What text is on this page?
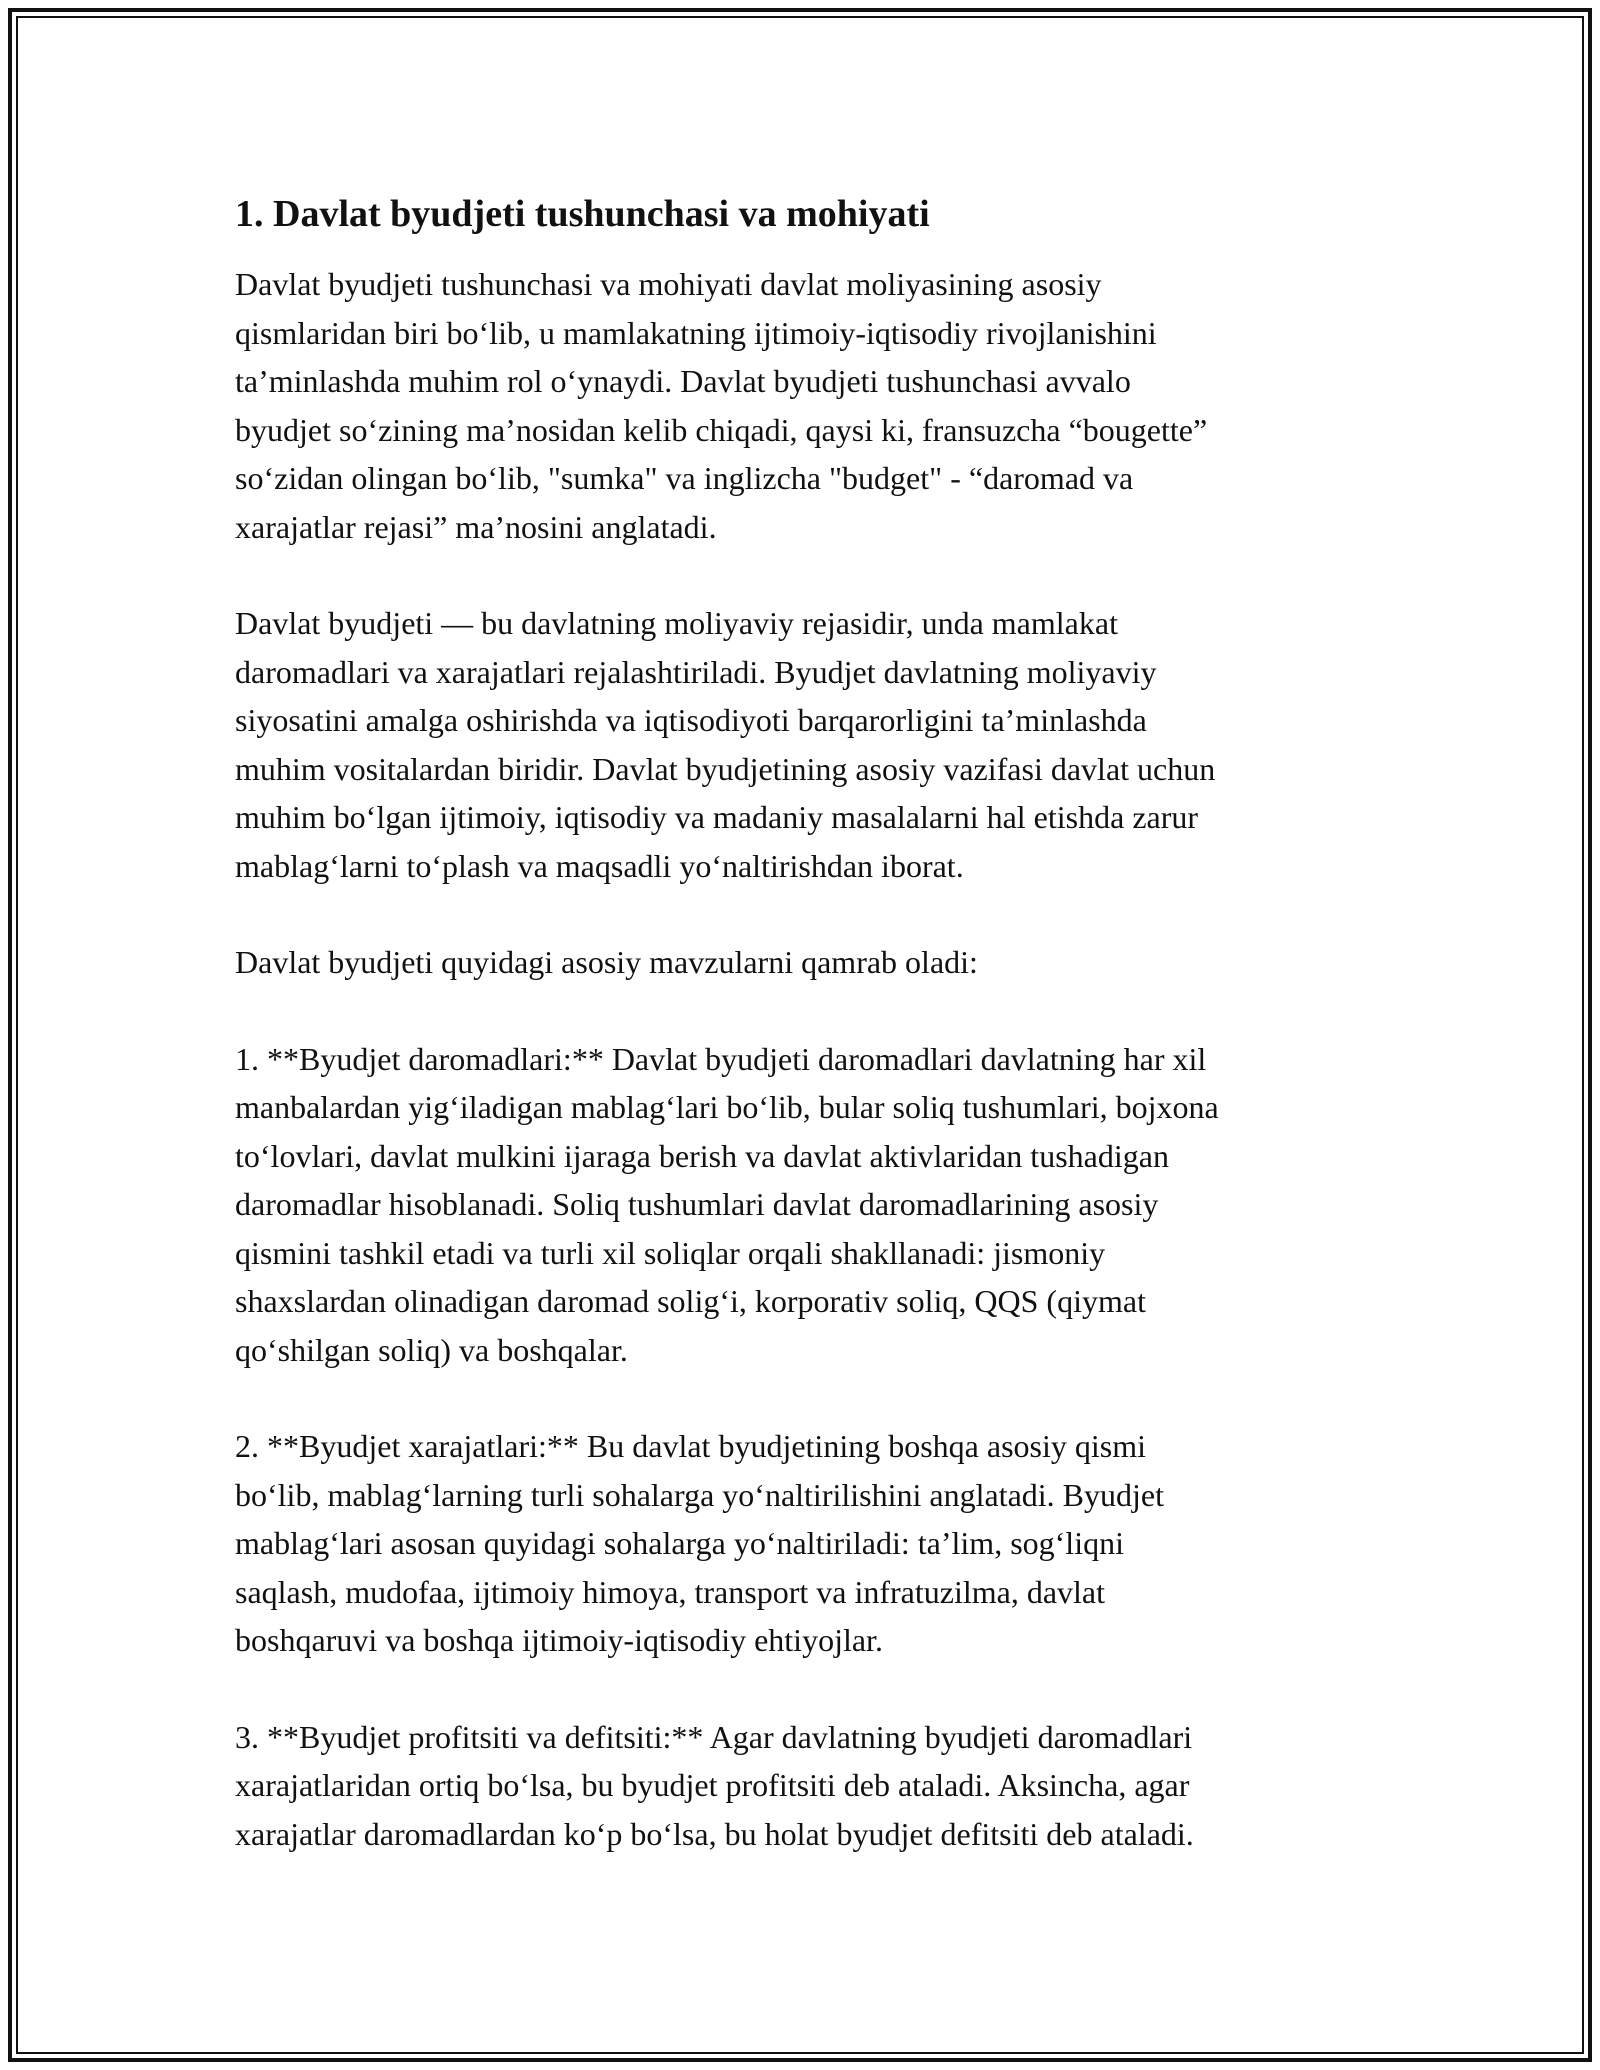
1. Davlat byudjeti tushunchasi va mohiyati

Davlat byudjeti tushunchasi va mohiyati davlat moliyasining asosiy
qismlaridan biri bo‘lib, u mamlakatning ijtimoiy-iqtisodiy rivojlanishini
ta’minlashda muhim rol o‘ynaydi. Davlat byudjeti tushunchasi avvalo
byudjet so‘zining ma’nosidan kelib chiqadi, qaysi ki, fransuzcha “bougette”
so‘zidan olingan bo‘lib, "sumka" va inglizcha "budget" - “daromad va
xarajatlar rejasi” ma’nosini anglatadi.

Davlat byudjeti — bu davlatning moliyaviy rejasidir, unda mamlakat
daromadlari va xarajatlari rejalashtiriladi. Byudjet davlatning moliyaviy
siyosatini amalga oshirishda va iqtisodiyoti barqarorligini ta’minlashda
muhim vositalardan biridir. Davlat byudjetining asosiy vazifasi davlat uchun
muhim bo‘lgan ijtimoiy, iqtisodiy va madaniy masalalarni hal etishda zarur
mablag‘larni to‘plash va maqsadli yo‘naltirishdan iborat.

Davlat byudjeti quyidagi asosiy mavzularni qamrab oladi:

1. **Byudjet daromadlari:** Davlat byudjeti daromadlari davlatning har xil
manbalardan yig‘iladigan mablag‘lari bo‘lib, bular soliq tushumlari, bojxona
to‘lovlari, davlat mulkini ijaraga berish va davlat aktivlaridan tushadigan
daromadlar hisoblanadi. Soliq tushumlari davlat daromadlarining asosiy
qismini tashkil etadi va turli xil soliqlar orqali shakllanadi: jismoniy
shaxslardan olinadigan daromad solig‘i, korporativ soliq, QQS (qiymat
qo‘shilgan soliq) va boshqalar.

2. **Byudjet xarajatlari:** Bu davlat byudjetining boshqa asosiy qismi
bo‘lib, mablag‘larning turli sohalarga yo‘naltirilishini anglatadi. Byudjet
mablag‘lari asosan quyidagi sohalarga yo‘naltiriladi: ta’lim, sog‘liqni
saqlash, mudofaa, ijtimoiy himoya, transport va infratuzilma, davlat
boshqaruvi va boshqa ijtimoiy-iqtisodiy ehtiyojlar.

3. **Byudjet profitsiti va defitsiti:** Agar davlatning byudjeti daromadlari
xarajatlaridan ortiq bo‘lsa, bu byudjet profitsiti deb ataladi. Aksincha, agar
xarajatlar daromadlardan ko‘p bo‘lsa, bu holat byudjet defitsiti deb ataladi.
